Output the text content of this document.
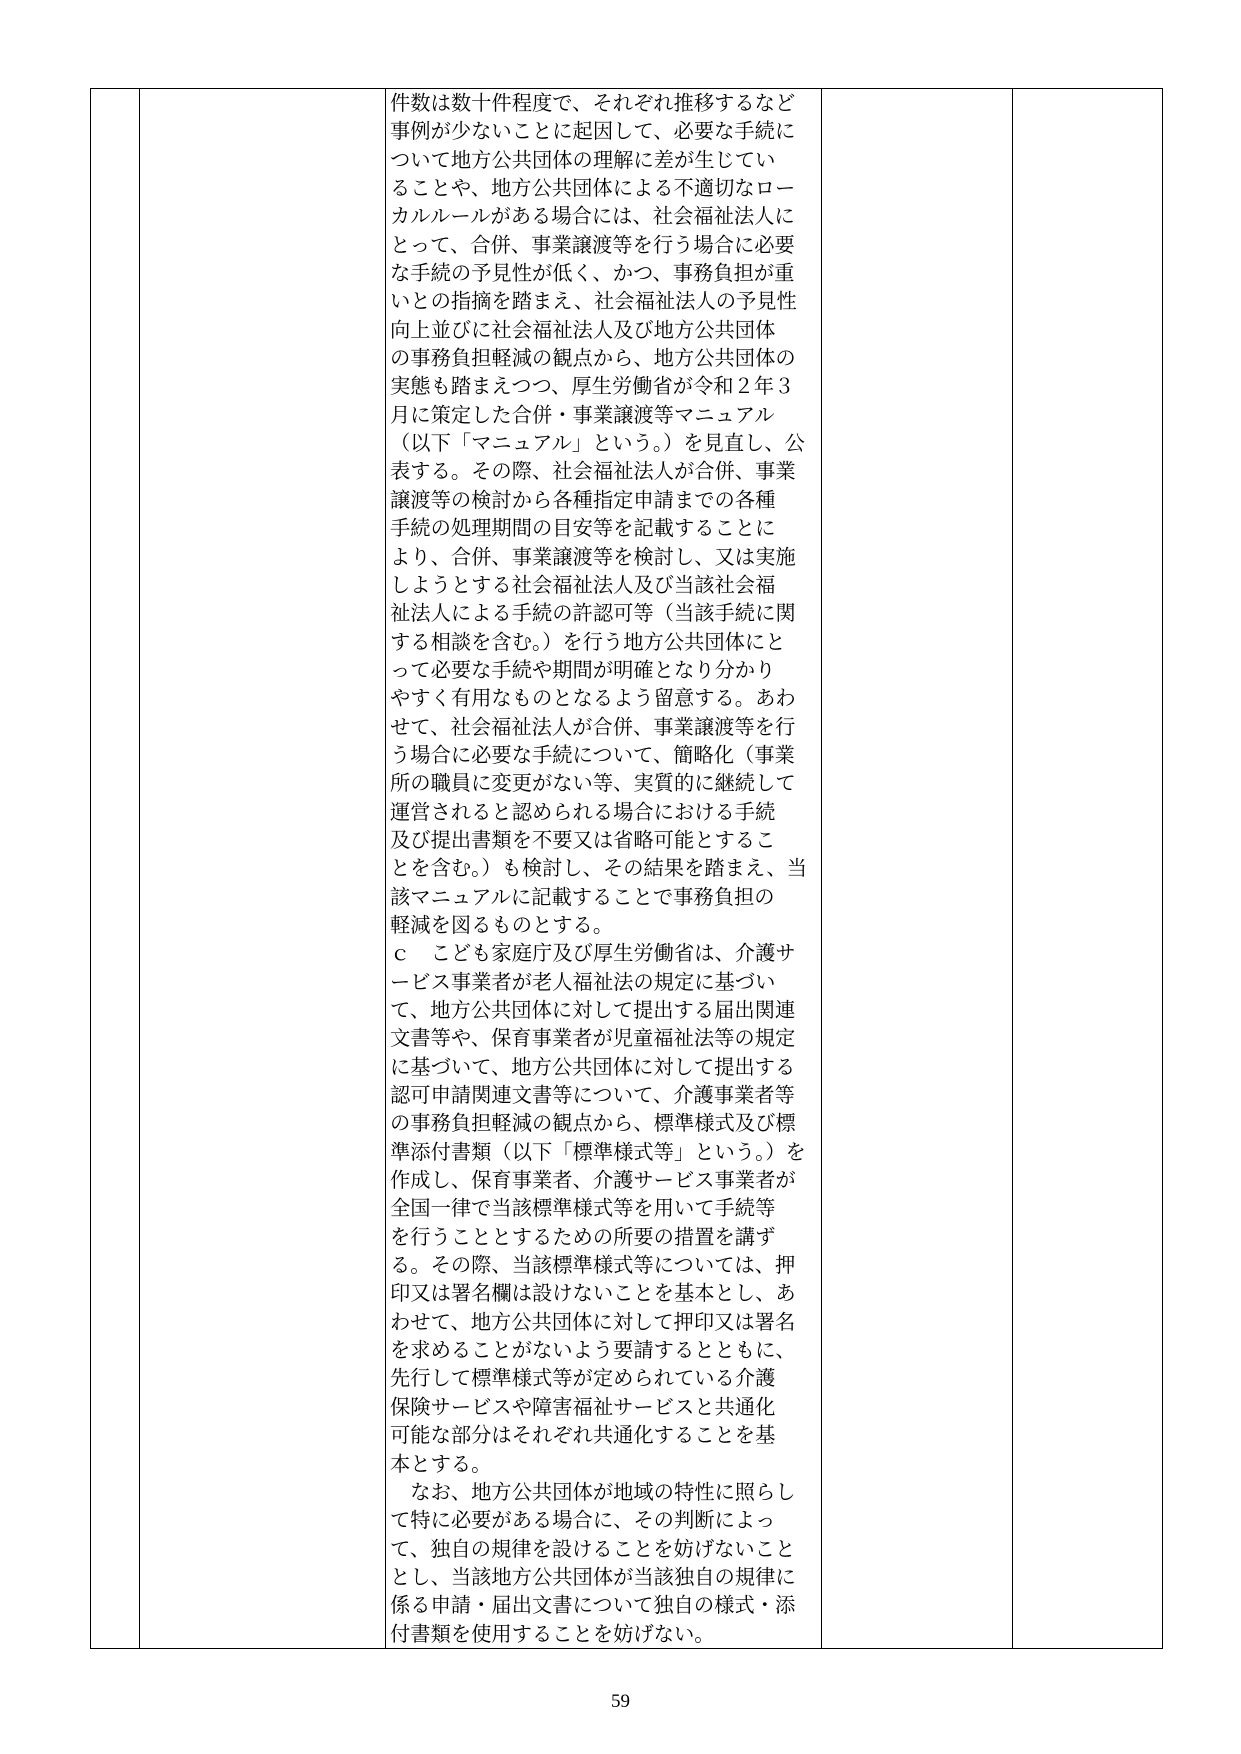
件数は数十件程度で、それぞれ推移するなど
事例が少ないことに起因して、必要な手続に
ついて地方公共団体の理解に差が生じてい
ることや、地方公共団体による不適切なロー
カルルールがある場合には、社会福祉法人に
とって、合併、事業譲渡等を行う場合に必要
な手続の予見性が低く、かつ、事務負担が重
いとの指摘を踏まえ、社会福祉法人の予見性
向上並びに社会福祉法人及び地方公共団体
の事務負担軽減の観点から、地方公共団体の
実態も踏まえつつ、厚生労働省が令和２年３
月に策定した合併・事業譲渡等マニュアル
（以下「マニュアル」という。）を見直し、公
表する。その際、社会福祉法人が合併、事業
譲渡等の検討から各種指定申請までの各種
手続の処理期間の目安等を記載することに
より、合併、事業譲渡等を検討し、又は実施
しようとする社会福祉法人及び当該社会福
祉法人による手続の許認可等（当該手続に関
する相談を含む。）を行う地方公共団体にと
って必要な手続や期間が明確となり分かり
やすく有用なものとなるよう留意する。あわ
せて、社会福祉法人が合併、事業譲渡等を行
う場合に必要な手続について、簡略化（事業
所の職員に変更がない等、実質的に継続して
運営されると認められる場合における手続
及び提出書類を不要又は省略可能とするこ
とを含む。）も検討し、その結果を踏まえ、当
該マニュアルに記載することで事務負担の
軽減を図るものとする。
ｃ　こども家庭庁及び厚生労働省は、介護サ
ービス事業者が老人福祉法の規定に基づい
て、地方公共団体に対して提出する届出関連
文書等や、保育事業者が児童福祉法等の規定
に基づいて、地方公共団体に対して提出する
認可申請関連文書等について、介護事業者等
の事務負担軽減の観点から、標準様式及び標
準添付書類（以下「標準様式等」という。）を
作成し、保育事業者、介護サービス事業者が
全国一律で当該標準様式等を用いて手続等
を行うこととするための所要の措置を講ず
る。その際、当該標準様式等については、押
印又は署名欄は設けないことを基本とし、あ
わせて、地方公共団体に対して押印又は署名
を求めることがないよう要請するとともに、
先行して標準様式等が定められている介護
保険サービスや障害福祉サービスと共通化
可能な部分はそれぞれ共通化することを基
本とする。
　なお、地方公共団体が地域の特性に照らし
て特に必要がある場合に、その判断によっ
て、独自の規律を設けることを妨げないこと
とし、当該地方公共団体が当該独自の規律に
係る申請・届出文書について独自の様式・添
付書類を使用することを妨げない。

59
